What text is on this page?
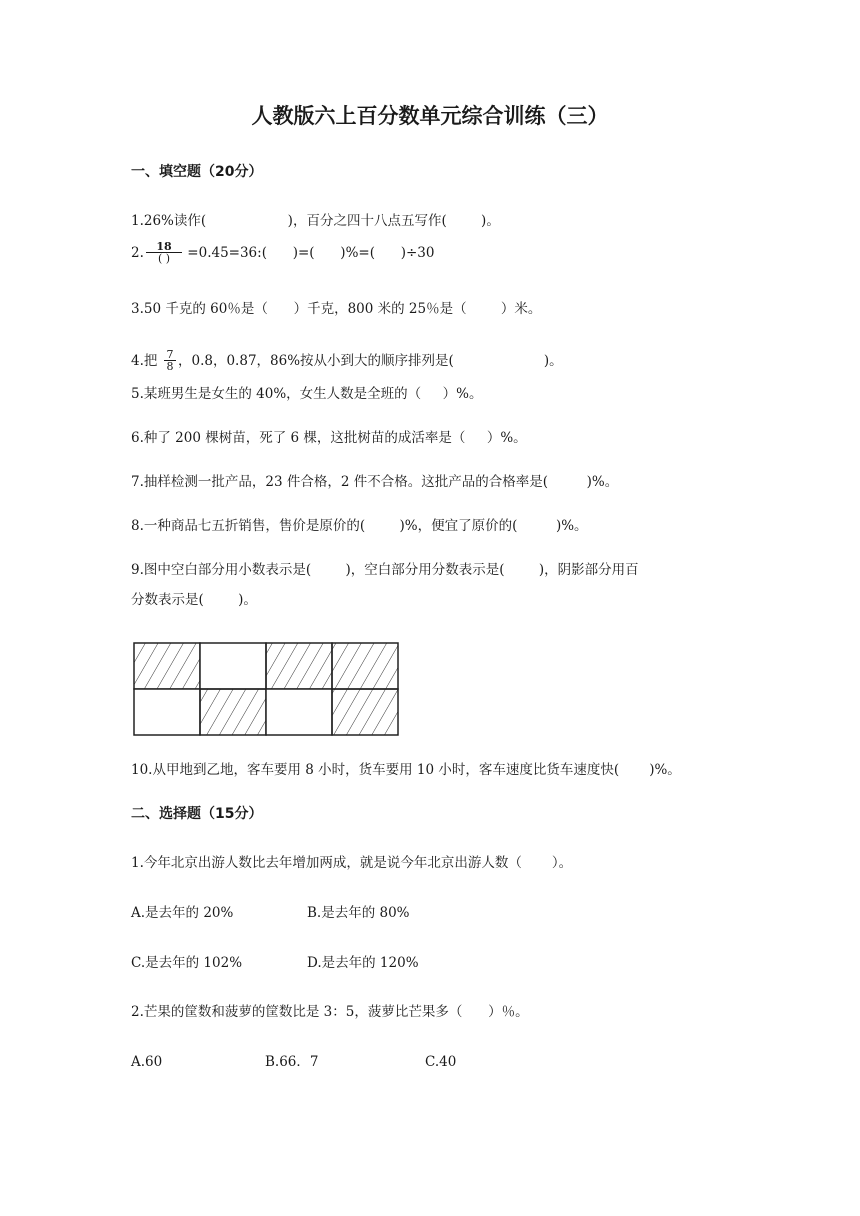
人教版六上百分数单元综合训练（三）
一、填空题（20分）
1.26%读作(                   )，百分之四十八点五写作(        )。
2.	18
( ) =0.45=36:(      )=(      )%=(      )÷30
3.50 千克的 60％是（      ）千克，800 米的 25％是（        ）米。
4.把 $\frac{7}{8}$ ，0.8，0.87，86%按从小到大的顺序排列是(                     )。
5.某班男生是女生的 40%，女生人数是全班的（     ）%。
6.种了 200 棵树苗，死了 6 棵，这批树苗的成活率是（     ）%。
7.抽样检测一批产品，23 件合格，2 件不合格。这批产品的合格率是(         )%。
8.一种商品七五折销售，售价是原价的(        )%，便宜了原价的(         )%。
9.图中空白部分用小数表示是(        )，空白部分用分数表示是(        )，阴影部分用百
分数表示是(        )。
10.从甲地到乙地，客车要用 8 小时，货车要用 10 小时，客车速度比货车速度快(       )%。
二、选择题（15分）
1.今年北京出游人数比去年增加两成，就是说今年北京出游人数（       ）。
A.是去年的 20%	B.是去年的 80%
C.是去年的 102%	D.是去年的 120%
2.芒果的筐数和菠萝的筐数比是 3：5，菠萝比芒果多（      ）％。
A.60	B.66．7	C.40
